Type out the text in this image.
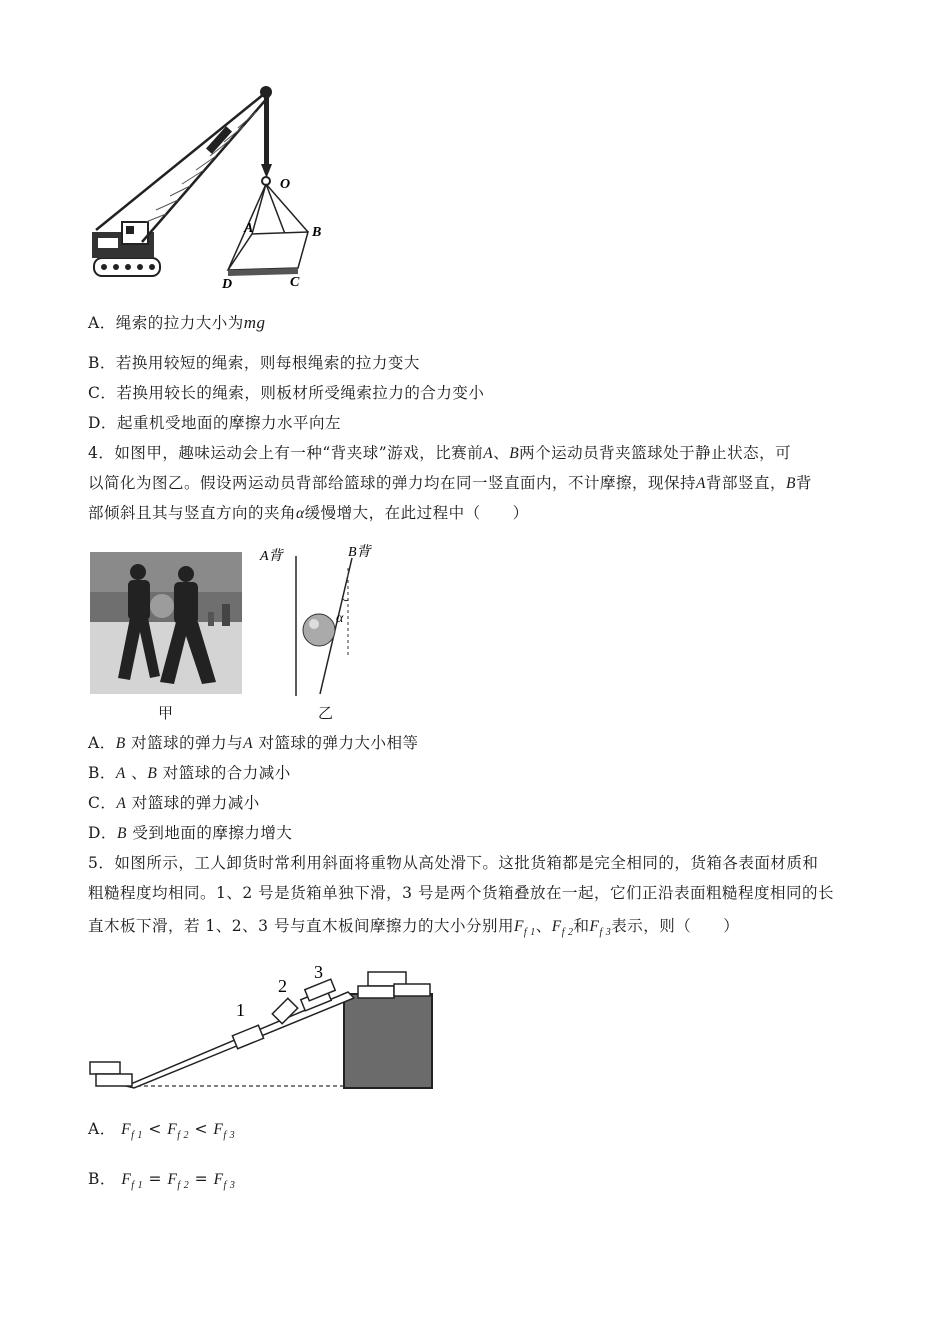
O
A	B
C
D
A．绳索的拉力大小为mg
B．若换用较短的绳索，则每根绳索的拉力变大
C．若换用较长的绳索，则板材所受绳索拉力的合力变小
D．起重机受地面的摩擦力水平向左
4．如图甲，趣味运动会上有一种“背夹球”游戏，比赛前A、B两个运动员背夹篮球处于静止状态，可
以简化为图乙。假设两运动员背部给篮球的弹力均在同一竖直面内，不计摩擦，现保持A背部竖直，B背
部倾斜且其与竖直方向的夹角α缓慢增大，在此过程中（　　）
甲
A背	B背
α
乙
A．B 对篮球的弹力与A 对篮球的弹力大小相等
B．A 、B 对篮球的合力减小
C．A 对篮球的弹力减小
D．B 受到地面的摩擦力增大
5．如图所示，工人卸货时常利用斜面将重物从高处滑下。这批货箱都是完全相同的，货箱各表面材质和
粗糙程度均相同。1、2 号是货箱单独下滑，3 号是两个货箱叠放在一起，它们正沿表面粗糙程度相同的长
直木板下滑，若 1、2、3 号与直木板间摩擦力的大小分别用$F_{f 1}$、$F_{f 2}$和$F_{f 3}$表示，则（　　）
1
2
3
A． $F_{f 1} < F_{f 2} < F_{f 3}$
B． $F_{f 1} = F_{f 2} = F_{f 3}$
